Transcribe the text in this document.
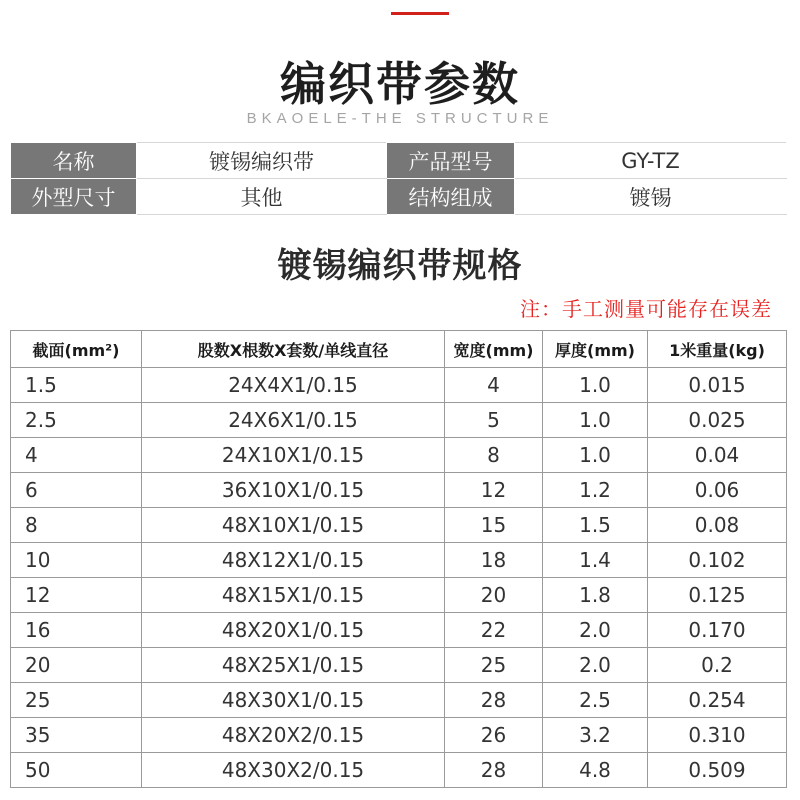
编织带参数
BKAOELE-THE STRUCTURE
名称	镀锡编织带	产品型号	GY-TZ
外型尺寸	其他	结构组成	镀锡
镀锡编织带规格
注：手工测量可能存在误差
截面(mm²)	股数X根数X套数/单线直径	宽度(mm)	厚度(mm)	1米重量(kg)
1.5	24X4X1/0.15	4	1.0	0.015
2.5	24X6X1/0.15	5	1.0	0.025
4	24X10X1/0.15	8	1.0	0.04
6	36X10X1/0.15	12	1.2	0.06
8	48X10X1/0.15	15	1.5	0.08
10	48X12X1/0.15	18	1.4	0.102
12	48X15X1/0.15	20	1.8	0.125
16	48X20X1/0.15	22	2.0	0.170
20	48X25X1/0.15	25	2.0	0.2
25	48X30X1/0.15	28	2.5	0.254
35	48X20X2/0.15	26	3.2	0.310
50	48X30X2/0.15	28	4.8	0.509
